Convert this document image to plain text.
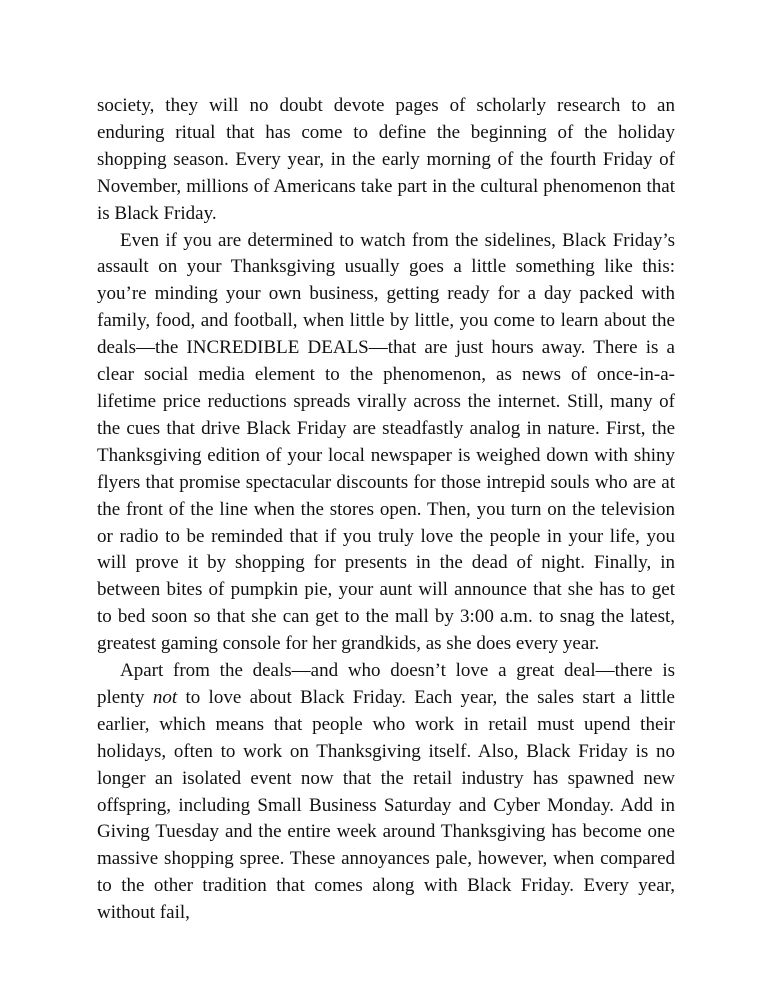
society, they will no doubt devote pages of scholarly research to an enduring ritual that has come to define the beginning of the holiday shopping season. Every year, in the early morning of the fourth Friday of November, millions of Americans take part in the cultural phenomenon that is Black Friday.

Even if you are determined to watch from the sidelines, Black Friday’s assault on your Thanksgiving usually goes a little something like this: you’re minding your own business, getting ready for a day packed with family, food, and football, when little by little, you come to learn about the deals—the INCREDIBLE DEALS—that are just hours away. There is a clear social media element to the phenomenon, as news of once-in-a-lifetime price reductions spreads virally across the internet. Still, many of the cues that drive Black Friday are steadfastly analog in nature. First, the Thanksgiving edition of your local newspaper is weighed down with shiny flyers that promise spectacular discounts for those intrepid souls who are at the front of the line when the stores open. Then, you turn on the television or radio to be reminded that if you truly love the people in your life, you will prove it by shopping for presents in the dead of night. Finally, in between bites of pumpkin pie, your aunt will announce that she has to get to bed soon so that she can get to the mall by 3:00 a.m. to snag the latest, greatest gaming console for her grandkids, as she does every year.

Apart from the deals—and who doesn’t love a great deal—there is plenty not to love about Black Friday. Each year, the sales start a little earlier, which means that people who work in retail must upend their holidays, often to work on Thanksgiving itself. Also, Black Friday is no longer an isolated event now that the retail industry has spawned new offspring, including Small Business Saturday and Cyber Monday. Add in Giving Tuesday and the entire week around Thanksgiving has become one massive shopping spree. These annoyances pale, however, when compared to the other tradition that comes along with Black Friday. Every year, without fail,
